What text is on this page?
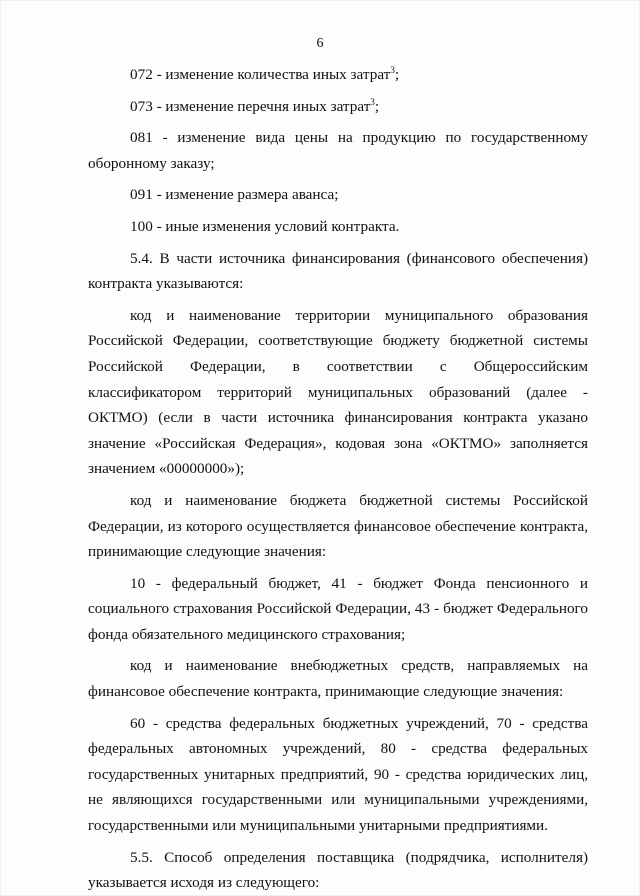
6

072 - изменение количества иных затрат$^3$;

073 - изменение перечня иных затрат$^3$;

081 - изменение вида цены на продукцию по государственному оборонному заказу;

091 - изменение размера аванса;

100 - иные изменения условий контракта.

5.4. В части источника финансирования (финансового обеспечения) контракта указываются:

код и наименование территории муниципального образования Российской Федерации, соответствующие бюджету бюджетной системы Российской Федерации, в соответствии с Общероссийским классификатором территорий муниципальных образований (далее - ОКТМО) (если в части источника финансирования контракта указано значение «Российская Федерация», кодовая зона «ОКТМО» заполняется значением «00000000»);

код и наименование бюджета бюджетной системы Российской Федерации, из которого осуществляется финансовое обеспечение контракта, принимающие следующие значения:

10 - федеральный бюджет, 41 - бюджет Фонда пенсионного и социального страхования Российской Федерации, 43 - бюджет Федерального фонда обязательного медицинского страхования;

код и наименование внебюджетных средств, направляемых на финансовое обеспечение контракта, принимающие следующие значения:

60 - средства федеральных бюджетных учреждений, 70 - средства федеральных автономных учреждений, 80 - средства федеральных государственных унитарных предприятий, 90 - средства юридических лиц, не являющихся государственными или муниципальными учреждениями, государственными или муниципальными унитарными предприятиями.

5.5. Способ определения поставщика (подрядчика, исполнителя) указывается исходя из следующего:
